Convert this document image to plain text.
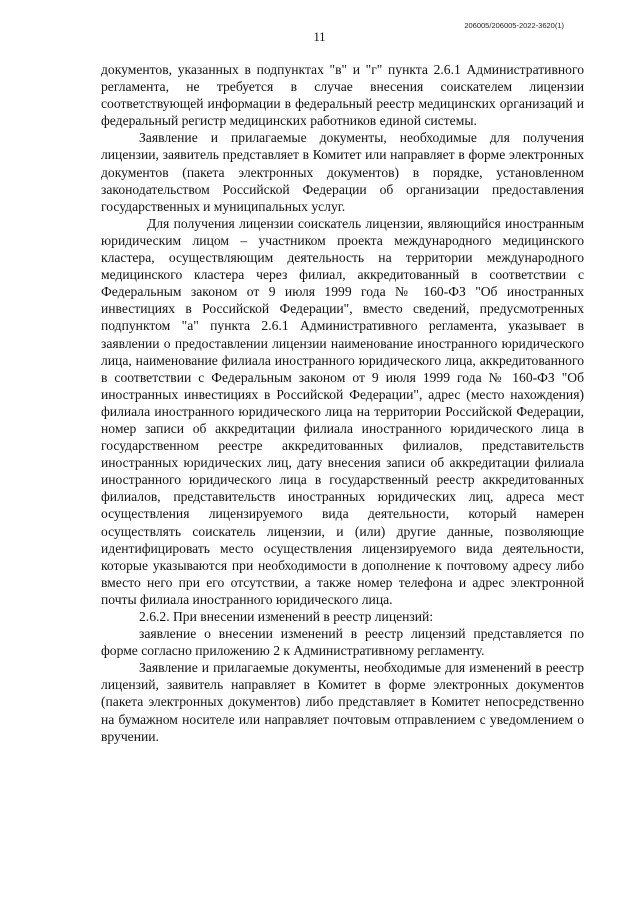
206005/206005-2022-3620(1)
11

документов, указанных в подпунктах "в" и "г" пункта 2.6.1 Административного регламента, не требуется в случае внесения соискателем лицензии соответствующей информации в федеральный реестр медицинских организаций и федеральный регистр медицинских работников единой системы.

Заявление и прилагаемые документы, необходимые для получения лицензии, заявитель представляет в Комитет или направляет в форме электронных документов (пакета электронных документов) в порядке, установленном законодательством Российской Федерации об организации предоставления государственных и муниципальных услуг.

Для получения лицензии соискатель лицензии, являющийся иностранным юридическим лицом – участником проекта международного медицинского кластера, осуществляющим деятельность на территории международного медицинского кластера через филиал, аккредитованный в соответствии с Федеральным законом от 9 июля 1999 года № 160-ФЗ "Об иностранных инвестициях в Российской Федерации", вместо сведений, предусмотренных подпунктом "а" пункта 2.6.1 Административного регламента, указывает в заявлении о предоставлении лицензии наименование иностранного юридического лица, наименование филиала иностранного юридического лица, аккредитованного в соответствии с Федеральным законом от 9 июля 1999 года № 160-ФЗ "Об иностранных инвестициях в Российской Федерации", адрес (место нахождения) филиала иностранного юридического лица на территории Российской Федерации, номер записи об аккредитации филиала иностранного юридического лица в государственном реестре аккредитованных филиалов, представительств иностранных юридических лиц, дату внесения записи об аккредитации филиала иностранного юридического лица в государственный реестр аккредитованных филиалов, представительств иностранных юридических лиц, адреса мест осуществления лицензируемого вида деятельности, который намерен осуществлять соискатель лицензии, и (или) другие данные, позволяющие идентифицировать место осуществления лицензируемого вида деятельности, которые указываются при необходимости в дополнение к почтовому адресу либо вместо него при его отсутствии, а также номер телефона и адрес электронной почты филиала иностранного юридического лица.

2.6.2. При внесении изменений в реестр лицензий:

заявление о внесении изменений в реестр лицензий представляется по форме согласно приложению 2 к Административному регламенту.

Заявление и прилагаемые документы, необходимые для изменений в реестр лицензий, заявитель направляет в Комитет в форме электронных документов (пакета электронных документов) либо представляет в Комитет непосредственно на бумажном носителе или направляет почтовым отправлением с уведомлением о вручении.
